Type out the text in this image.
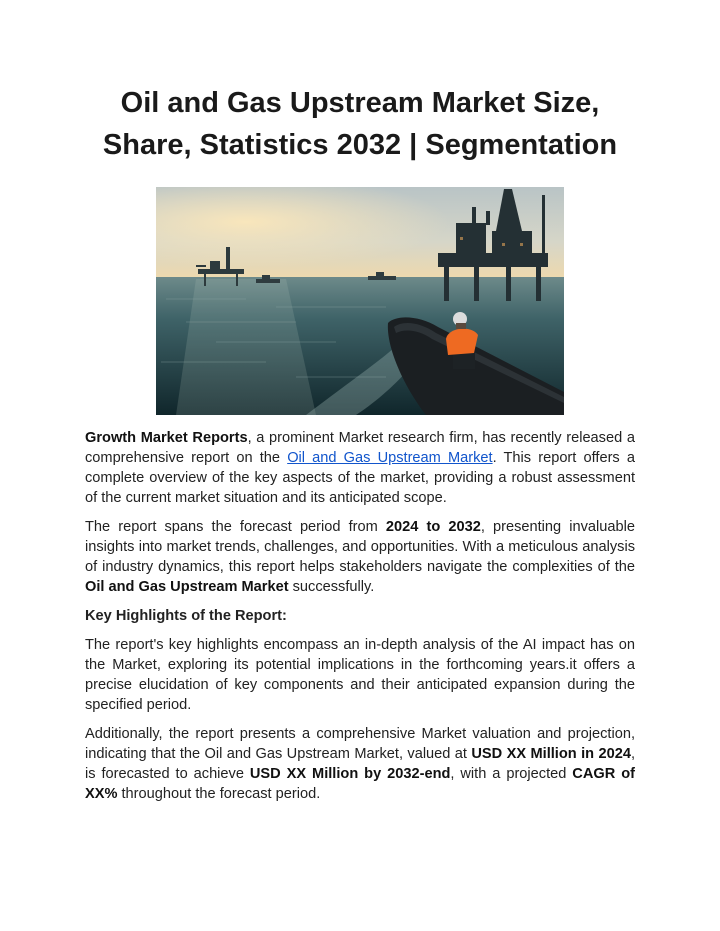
Oil and Gas Upstream Market Size,
Share, Statistics 2032 | Segmentation

Growth Market Reports, a prominent Market research firm, has recently released a comprehensive report on the Oil and Gas Upstream Market. This report offers a complete overview of the key aspects of the market, providing a robust assessment of the current market situation and its anticipated scope.

The report spans the forecast period from 2024 to 2032, presenting invaluable insights into market trends, challenges, and opportunities. With a meticulous analysis of industry dynamics, this report helps stakeholders navigate the complexities of the Oil and Gas Upstream Market successfully.

Key Highlights of the Report:

The report's key highlights encompass an in-depth analysis of the AI impact has on the Market, exploring its potential implications in the forthcoming years.it offers a precise elucidation of key components and their anticipated expansion during the specified period.

Additionally, the report presents a comprehensive Market valuation and projection, indicating that the Oil and Gas Upstream Market, valued at USD XX Million in 2024, is forecasted to achieve USD XX Million by 2032-end, with a projected CAGR of XX% throughout the forecast period.
